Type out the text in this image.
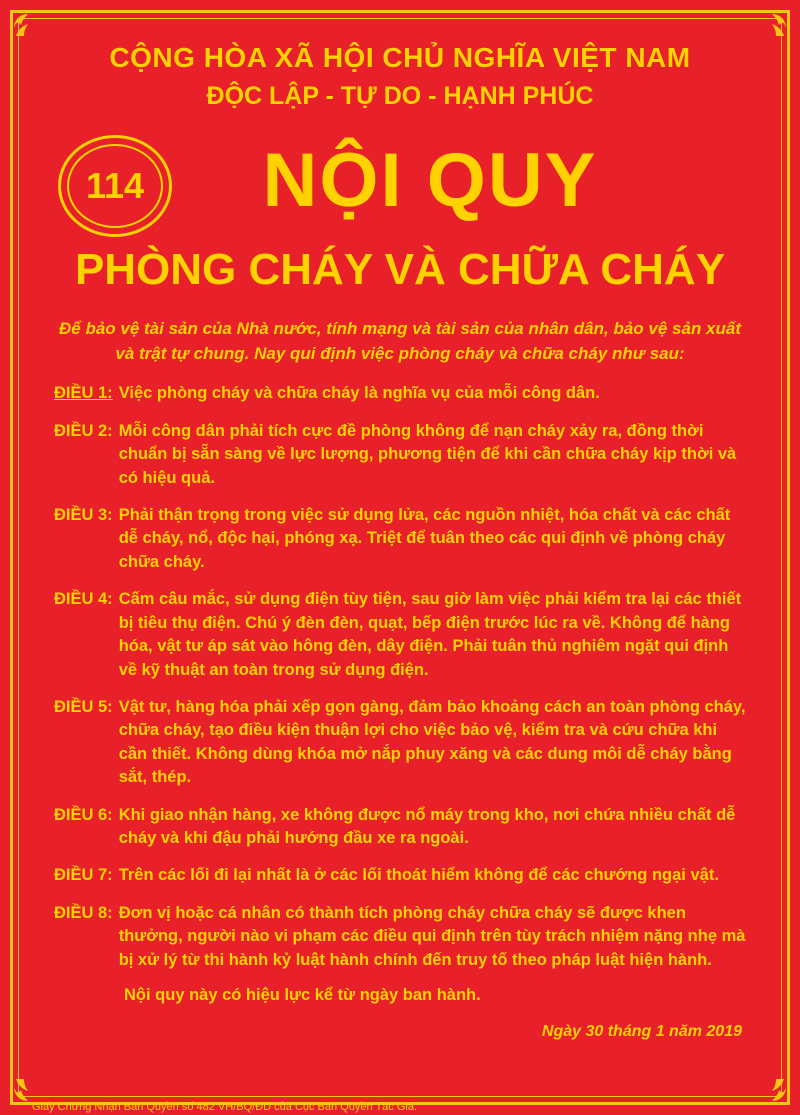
CỘNG HÒA XÃ HỘI CHỦ NGHĨA VIỆT NAM
ĐỘC LẬP - TỰ DO - HẠNH PHÚC
114	NỘI QUY
PHÒNG CHÁY VÀ CHỮA CHÁY
Để bảo vệ tài sản của Nhà nước, tính mạng và tài sản của nhân dân, bảo vệ sản xuất và trật tự chung. Nay qui định việc phòng cháy và chữa cháy như sau:
ĐIỀU 1: Việc phòng cháy và chữa cháy là nghĩa vụ của mỗi công dân.
ĐIỀU 2: Mỗi công dân phải tích cực đề phòng không để nạn cháy xảy ra, đồng thời chuẩn bị sẵn sàng về lực lượng, phương tiện để khi cần chữa cháy kịp thời và có hiệu quả.
ĐIỀU 3: Phải thận trọng trong việc sử dụng lửa, các nguồn nhiệt, hóa chất và các chất dễ cháy, nổ, độc hại, phóng xạ. Triệt để tuân theo các qui định về phòng cháy chữa cháy.
ĐIỀU 4: Cấm câu mắc, sử dụng điện tùy tiện, sau giờ làm việc phải kiểm tra lại các thiết bị tiêu thụ điện. Chú ý đèn đèn, quạt, bếp điện trước lúc ra về. Không để hàng hóa, vật tư áp sát vào hông đèn, dây điện. Phải tuân thủ nghiêm ngặt qui định về kỹ thuật an toàn trong sử dụng điện.
ĐIỀU 5: Vật tư, hàng hóa phải xếp gọn gàng, đảm bảo khoảng cách an toàn phòng cháy, chữa cháy, tạo điều kiện thuận lợi cho việc bảo vệ, kiểm tra và cứu chữa khi cần thiết. Không dùng khóa mở nắp phuy xăng và các dung môi dễ cháy bằng sắt, thép.
ĐIỀU 6: Khi giao nhận hàng, xe không được nổ máy trong kho, nơi chứa nhiều chất dễ cháy và khi đậu phải hướng đầu xe ra ngoài.
ĐIỀU 7: Trên các lối đi lại nhất là ở các lối thoát hiểm không để các chướng ngại vật.
ĐIỀU 8: Đơn vị hoặc cá nhân có thành tích phòng cháy chữa cháy sẽ được khen thưởng, người nào vi phạm các điều qui định trên tùy trách nhiệm nặng nhẹ mà bị xử lý từ thi hành kỷ luật hành chính đến truy tố theo pháp luật hiện hành.
Nội quy này có hiệu lực kể từ ngày ban hành.
Ngày 30 tháng 1 năm 2019
Giấy Chứng Nhận Bản Quyền số 482 VH/BQ/ĐD của Cục Bản Quyền Tác Giả.
